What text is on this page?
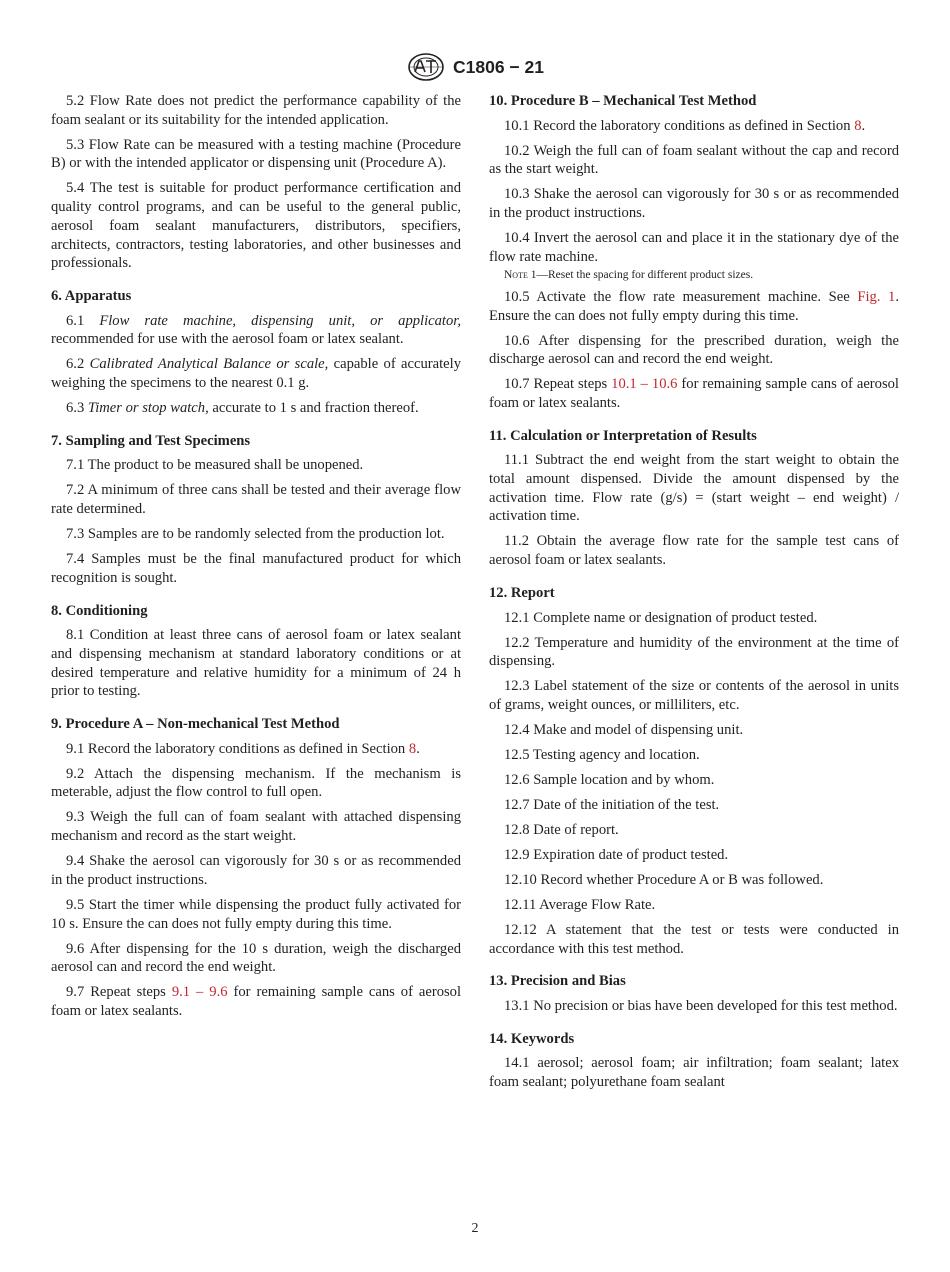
C1806 − 21
5.2 Flow Rate does not predict the performance capability of the foam sealant or its suitability for the intended application.
5.3 Flow Rate can be measured with a testing machine (Procedure B) or with the intended applicator or dispensing unit (Procedure A).
5.4 The test is suitable for product performance certification and quality control programs, and can be useful to the general public, aerosol foam sealant manufacturers, distributors, specifiers, architects, contractors, testing laboratories, and other businesses and professionals.
6. Apparatus
6.1 Flow rate machine, dispensing unit, or applicator, recommended for use with the aerosol foam or latex sealant.
6.2 Calibrated Analytical Balance or scale, capable of accurately weighing the specimens to the nearest 0.1 g.
6.3 Timer or stop watch, accurate to 1 s and fraction thereof.
7. Sampling and Test Specimens
7.1 The product to be measured shall be unopened.
7.2 A minimum of three cans shall be tested and their average flow rate determined.
7.3 Samples are to be randomly selected from the production lot.
7.4 Samples must be the final manufactured product for which recognition is sought.
8. Conditioning
8.1 Condition at least three cans of aerosol foam or latex sealant and dispensing mechanism at standard laboratory conditions or at desired temperature and relative humidity for a minimum of 24 h prior to testing.
9. Procedure A – Non-mechanical Test Method
9.1 Record the laboratory conditions as defined in Section 8.
9.2 Attach the dispensing mechanism. If the mechanism is meterable, adjust the flow control to full open.
9.3 Weigh the full can of foam sealant with attached dispensing mechanism and record as the start weight.
9.4 Shake the aerosol can vigorously for 30 s or as recommended in the product instructions.
9.5 Start the timer while dispensing the product fully activated for 10 s. Ensure the can does not fully empty during this time.
9.6 After dispensing for the 10 s duration, weigh the discharged aerosol can and record the end weight.
9.7 Repeat steps 9.1 – 9.6 for remaining sample cans of aerosol foam or latex sealants.
10. Procedure B – Mechanical Test Method
10.1 Record the laboratory conditions as defined in Section 8.
10.2 Weigh the full can of foam sealant without the cap and record as the start weight.
10.3 Shake the aerosol can vigorously for 30 s or as recommended in the product instructions.
10.4 Invert the aerosol can and place it in the stationary dye of the flow rate machine.
Note 1—Reset the spacing for different product sizes.
10.5 Activate the flow rate measurement machine. See Fig. 1. Ensure the can does not fully empty during this time.
10.6 After dispensing for the prescribed duration, weigh the discharge aerosol can and record the end weight.
10.7 Repeat steps 10.1 – 10.6 for remaining sample cans of aerosol foam or latex sealants.
11. Calculation or Interpretation of Results
11.1 Subtract the end weight from the start weight to obtain the total amount dispensed. Divide the amount dispensed by the activation time. Flow rate (g/s) = (start weight – end weight) / activation time.
11.2 Obtain the average flow rate for the sample test cans of aerosol foam or latex sealants.
12. Report
12.1 Complete name or designation of product tested.
12.2 Temperature and humidity of the environment at the time of dispensing.
12.3 Label statement of the size or contents of the aerosol in units of grams, weight ounces, or milliliters, etc.
12.4 Make and model of dispensing unit.
12.5 Testing agency and location.
12.6 Sample location and by whom.
12.7 Date of the initiation of the test.
12.8 Date of report.
12.9 Expiration date of product tested.
12.10 Record whether Procedure A or B was followed.
12.11 Average Flow Rate.
12.12 A statement that the test or tests were conducted in accordance with this test method.
13. Precision and Bias
13.1 No precision or bias have been developed for this test method.
14. Keywords
14.1 aerosol; aerosol foam; air infiltration; foam sealant; latex foam sealant; polyurethane foam sealant
2
